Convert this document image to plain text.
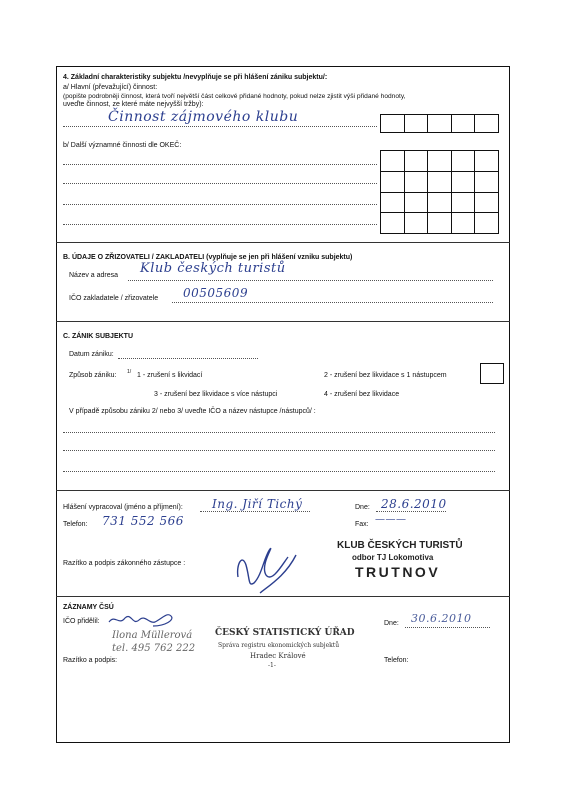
4. Základní charakteristiky subjektu /nevyplňuje se při hlášení zániku subjektu/:
a/ Hlavní (převažující) činnost:
(popište podrobněji činnost, která tvoří největší část celkové přidané hodnoty, pokud nelze zjistit výši přidané hodnoty,
uveďte činnost, ze které máte nejvyšší tržby):
Činnost zájmového klubu
b/ Další významné činnosti dle OKEČ:
B. ÚDAJE O ZŘIZOVATELI / ZAKLADATELI (vyplňuje se jen při hlášení vzniku subjektu)
Název a adresa Klub českých turistů
IČO zakladatele / zřizovatele 00505609
C. ZÁNIK SUBJEKTU
Datum zániku:
Způsob zániku: 1/ 1 - zrušení s likvidací	2 - zrušení bez likvidace s 1 nástupcem
3 - zrušení bez likvidace s více nástupci	4 - zrušení bez likvidace
V případě způsobu zániku 2/ nebo 3/ uveďte IČO a název nástupce /nástupců/ :
Hlášení vypracoval (jméno a příjmení): Ing. Jiří Tichý	Dne: 28.6.2010
Telefon: 731 552 566	Fax: ———
Razítko a podpis zákonného zástupce :
KLUB ČESKÝCH TURISTŮ
odbor TJ Lokomotiva
TRUTNOV
ZÁZNAMY ČSÚ
IČO přidělil:	Dne: 30.6.2010
Ilona Müllerová
tel. 495 762 222
ČESKÝ STATISTICKÝ ÚŘAD
Správa registru ekonomických subjektů
Hradec Králové
-1-
Razítko a podpis:	Telefon:
